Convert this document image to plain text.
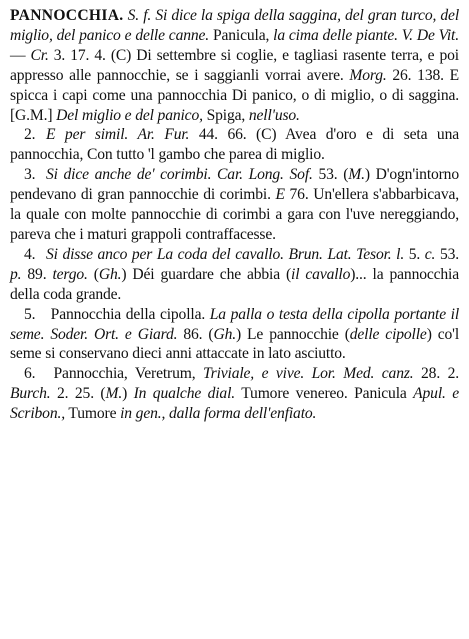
PANNOCCHIA. S. f. Si dice la spiga della saggina, del gran turco, del miglio, del panico e delle canne. Panicula, la cima delle piante. V. De Vit. — Cr. 3. 17. 4. (C) Di settembre si coglie, e tagliasi rasente terra, e poi appresso alle pannocchie, se i saggianli vorrai avere. Morg. 26. 138. E spicca i capi come una pannocchia Di panico, o di miglio, o di saggina. [G.M.] Del miglio e del panico, Spiga, nell'uso.

2. E per simil. Ar. Fur. 44. 66. (C) Avea d'oro e di seta una pannocchia, Con tutto 'l gambo che parea di miglio.

3. Si dice anche de' corimbi. Car. Long. Sof. 53. (M.) D'ogn'intorno pendevano di gran pannocchie di corimbi. E 76. Un'ellera s'abbarbicava, la quale con molte pannocchie di corimbi a gara con l'uve nereggiando, pareva che i maturi grappoli contraffacesse.

4. Si disse anco per La coda del cavallo. Brun. Lat. Tesor. l. 5. c. 53. p. 89. tergo. (Gh.) Déi guardare che abbia (il cavallo)... la pannocchia della coda grande.

5. Pannocchia della cipolla. La palla o testa della cipolla portante il seme. Soder. Ort. e Giard. 86. (Gh.) Le pannocchie (delle cipolle) co'l seme si conservano dieci anni attaccate in lato asciutto.

6. Pannocchia, Veretrum, Triviale, e vive. Lor. Med. canz. 28. 2. Burch. 2. 25. (M.) In qualche dial. Tumore venereo. Panicula Apul. e Scribon., Tumore in gen., dalla forma dell'enfiato.
